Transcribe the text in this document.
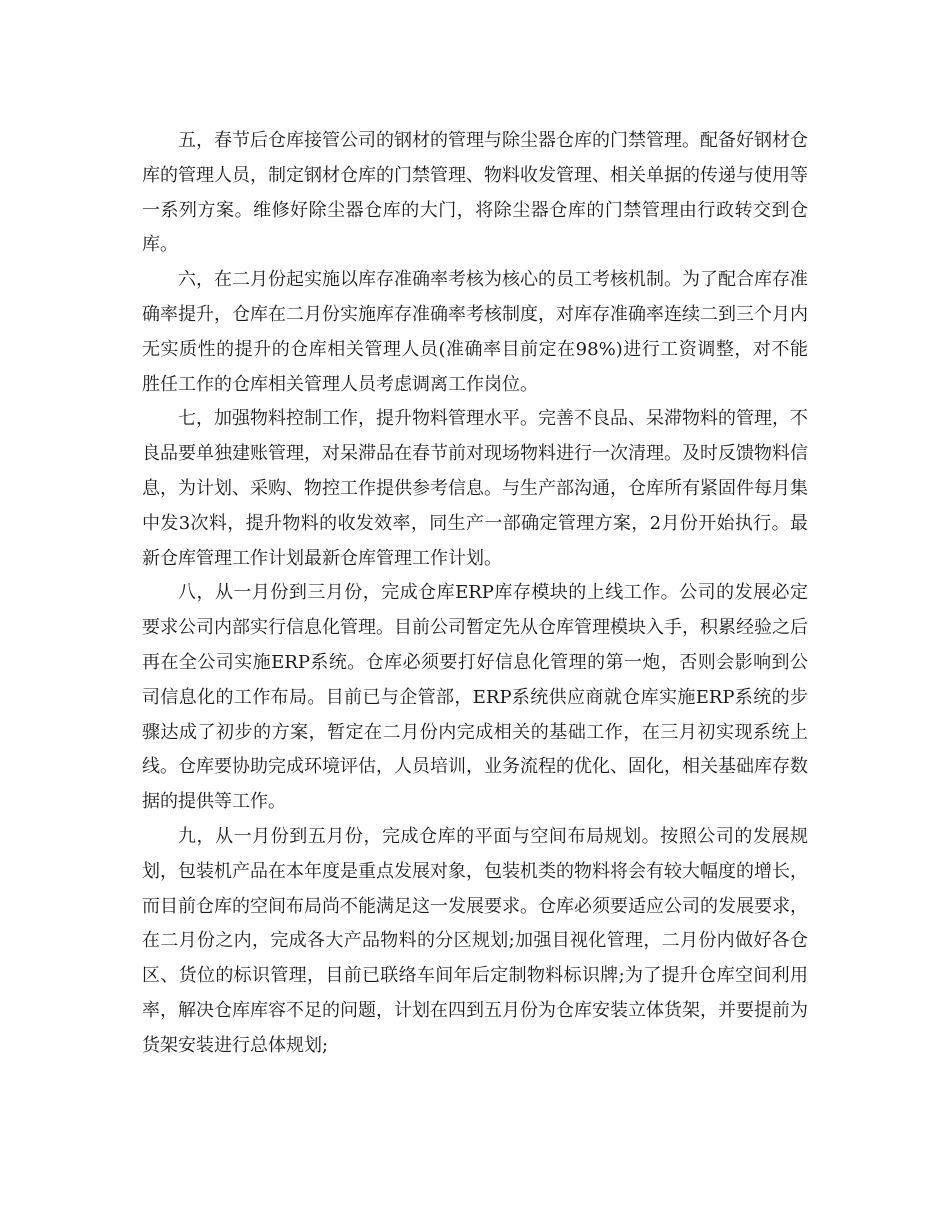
五，春节后仓库接管公司的钢材的管理与除尘器仓库的门禁管理。配备好钢材仓库的管理人员，制定钢材仓库的门禁管理、物料收发管理、相关单据的传递与使用等一系列方案。维修好除尘器仓库的大门，将除尘器仓库的门禁管理由行政转交到仓库。

六，在二月份起实施以库存准确率考核为核心的员工考核机制。为了配合库存准确率提升，仓库在二月份实施库存准确率考核制度，对库存准确率连续二到三个月内无实质性的提升的仓库相关管理人员(准确率目前定在98%)进行工资调整，对不能胜任工作的仓库相关管理人员考虑调离工作岗位。

七，加强物料控制工作，提升物料管理水平。完善不良品、呆滞物料的管理，不良品要单独建账管理，对呆滞品在春节前对现场物料进行一次清理。及时反馈物料信息，为计划、采购、物控工作提供参考信息。与生产部沟通，仓库所有紧固件每月集中发3次料，提升物料的收发效率，同生产一部确定管理方案，2月份开始执行。最新仓库管理工作计划最新仓库管理工作计划。

八，从一月份到三月份，完成仓库ERP库存模块的上线工作。公司的发展必定要求公司内部实行信息化管理。目前公司暂定先从仓库管理模块入手，积累经验之后再在全公司实施ERP系统。仓库必须要打好信息化管理的第一炮，否则会影响到公司信息化的工作布局。目前已与企管部，ERP系统供应商就仓库实施ERP系统的步骤达成了初步的方案，暂定在二月份内完成相关的基础工作，在三月初实现系统上线。仓库要协助完成环境评估，人员培训，业务流程的优化、固化，相关基础库存数据的提供等工作。

九，从一月份到五月份，完成仓库的平面与空间布局规划。按照公司的发展规划，包装机产品在本年度是重点发展对象，包装机类的物料将会有较大幅度的增长，而目前仓库的空间布局尚不能满足这一发展要求。仓库必须要适应公司的发展要求，在二月份之内，完成各大产品物料的分区规划;加强目视化管理，二月份内做好各仓区、货位的标识管理，目前已联络车间年后定制物料标识牌;为了提升仓库空间利用率，解决仓库库容不足的问题，计划在四到五月份为仓库安装立体货架，并要提前为货架安装进行总体规划;
